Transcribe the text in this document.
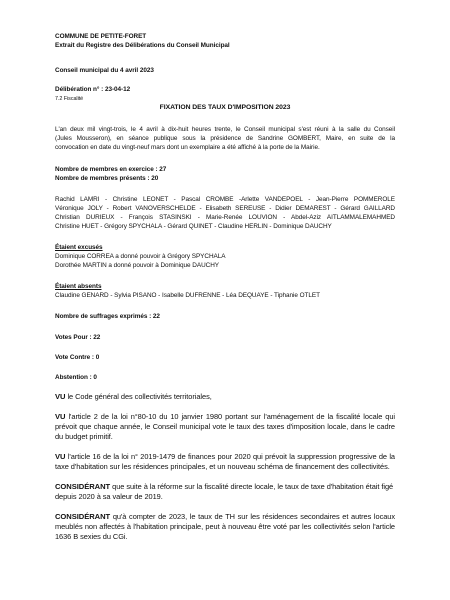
COMMUNE DE PETITE-FORET
Extrait du Registre des Délibérations du Conseil Municipal
Conseil municipal du 4 avril 2023
Délibération n° : 23-04-12
7.2 Fiscalité
FIXATION DES TAUX D'IMPOSITION 2023
L'an deux mil vingt-trois, le 4 avril à dix-huit heures trente, le Conseil municipal s'est réuni à la salle du Conseil
(Jules Mousseron), en séance publique sous la présidence de Sandrine GOMBERT, Maire, en suite de la
convocation en date du vingt-neuf mars dont un exemplaire a été affiché à la porte de la Mairie.
Nombre de membres en exercice : 27
Nombre de membres présents : 20
Rachid LAMRI - Christine LEONET - Pascal CROMBE -Arlette VANDEPOEL - Jean-Pierre POMMEROLE
Véronique JOLY - Robert VANOVERSCHELDE - Elisabeth SEREUSE - Didier DEMAREST - Gérard GAILLARD
Christian DURIEUX - François STASINSKI - Marie-Renée LOUVION - Abdel-Aziz AITLAMMALEMAHMED
Christine HUET - Grégory SPYCHALA - Gérard QUINET - Claudine HERLIN - Dominique DAUCHY
Étaient excusés
Dominique CORREA a donné pouvoir à Grégory SPYCHALA
Dorothée MARTIN a donné pouvoir à Dominique DAUCHY
Étaient absents
Claudine GENARD - Sylvia PISANO - Isabelle DUFRENNE - Léa DEQUAYE - Tiphanie OTLET
Nombre de suffrages exprimés : 22
Votes Pour : 22
Vote Contre : 0
Abstention : 0
VU le Code général des collectivités territoriales,
VU l'article 2 de la loi n°80-10 du 10 janvier 1980 portant sur l'aménagement de la fiscalité locale qui
prévoit que chaque année, le Conseil municipal vote le taux des taxes d'imposition locale, dans le cadre
du budget primitif.
VU l'article 16 de la loi n° 2019-1479 de finances pour 2020 qui prévoit la suppression progressive de la
taxe d'habitation sur les résidences principales, et un nouveau schéma de financement des collectivités.
CONSIDÉRANT que suite à la réforme sur la fiscalité directe locale, le taux de taxe d'habitation était figé
depuis 2020 à sa valeur de 2019.
CONSIDÉRANT qu'à compter de 2023, le taux de TH sur les résidences secondaires et autres locaux
meublés non affectés à l'habitation principale, peut à nouveau être voté par les collectivités selon l'article
1636 B sexies du CGi.
